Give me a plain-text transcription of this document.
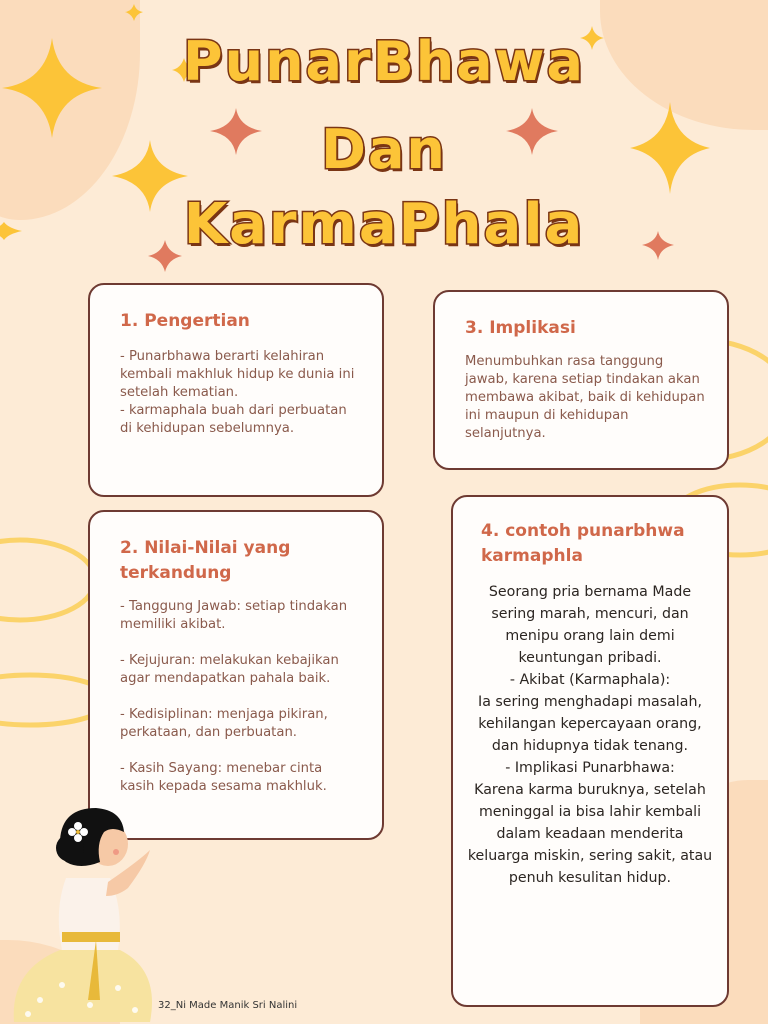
PunarBhawa
Dan
KarmaPhala
1. Pengertian

- Punarbhawa berarti kelahiran kembali makhluk hidup ke dunia ini setelah kematian.
- karmaphala buah dari perbuatan di kehidupan sebelumnya.

2. Nilai-Nilai yang terkandung

- Tanggung Jawab: setiap tindakan memiliki akibat.

- Kejujuran: melakukan kebajikan agar mendapatkan pahala baik.

- Kedisiplinan: menjaga pikiran, perkataan, dan perbuatan.

- Kasih Sayang: menebar cinta kasih kepada sesama makhluk.

3. Implikasi

Menumbuhkan rasa tanggung jawab, karena setiap tindakan akan membawa akibat, baik di kehidupan ini maupun di kehidupan selanjutnya.

4. contoh punarbhwa karmaphla

Seorang pria bernama Made sering marah, mencuri, dan menipu orang lain demi keuntungan pribadi.
- Akibat (Karmaphala):
Ia sering menghadapi masalah, kehilangan kepercayaan orang, dan hidupnya tidak tenang.
- Implikasi Punarbhawa:
Karena karma buruknya, setelah meninggal ia bisa lahir kembali dalam keadaan menderita keluarga miskin, sering sakit, atau penuh kesulitan hidup.

32_Ni Made Manik Sri Nalini
